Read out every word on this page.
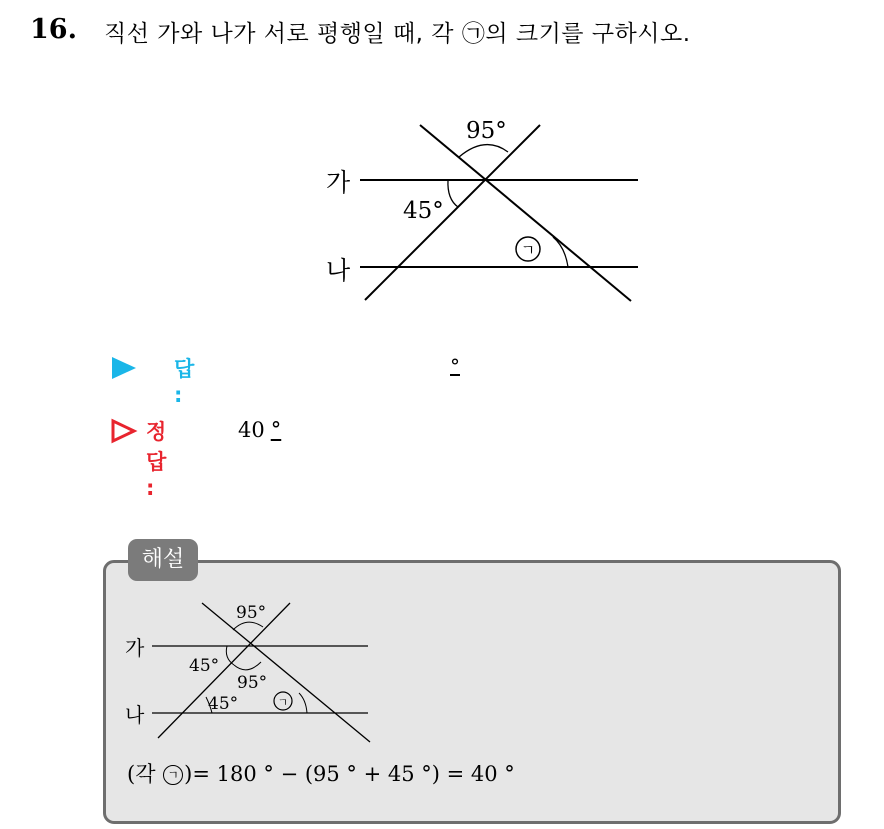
16. 직선 가와 나가 서로 평행일 때, 각 ㉠의 크기를 구하시오.
가
나
95°
45°
ㄱ
답 :
°
정답 :
40 °
해설
가
나
95°
45°
95°
45°	ㄱ
(각 ㄱ )= 180 ° − (95 ° + 45 °) = 40 °
